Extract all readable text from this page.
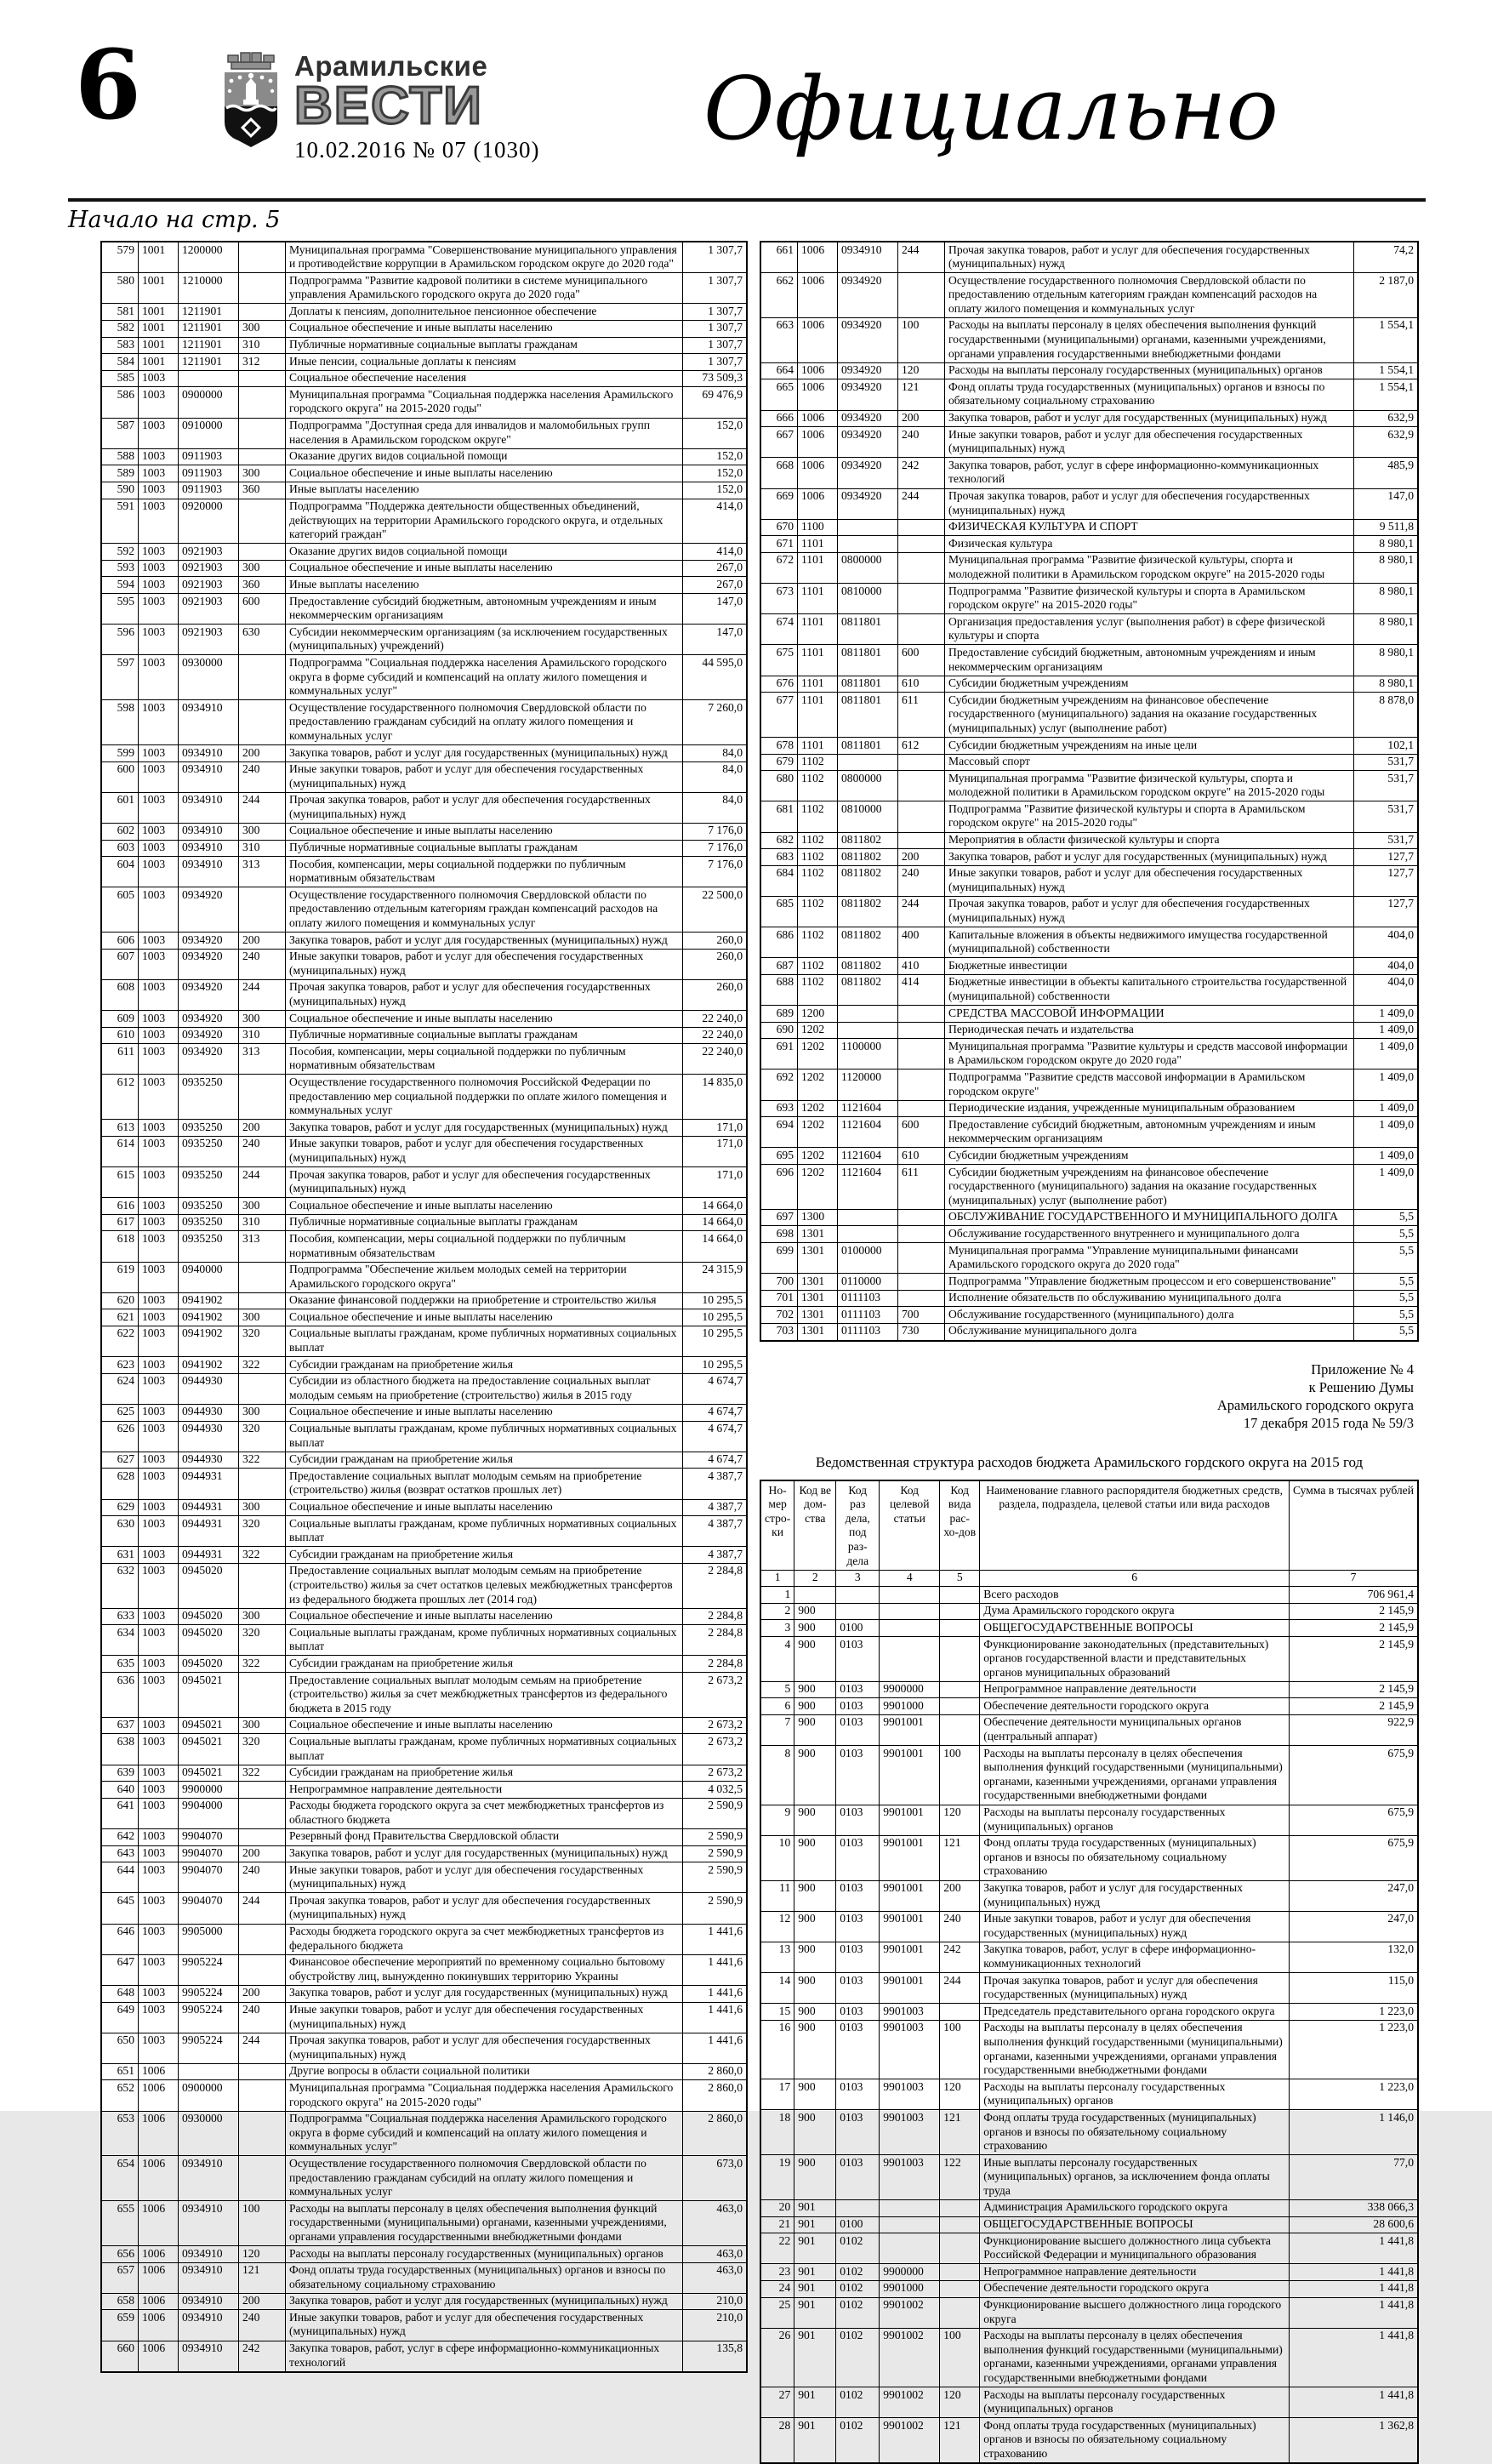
6	Арамильские
ВЕСТИ
10.02.2016 № 07 (1030)	Официально
Начало на стр. 5
579	1001	1200000		Муниципальная программа "Совершенствование муниципального управления и противодействие коррупции в Арамильском городском округе до 2020 года"	1 307,7
580	1001	1210000		Подпрограмма "Развитие кадровой политики в системе муниципального управления Арамильского городского округа до 2020 года"	1 307,7
581	1001	1211901		Доплаты к пенсиям, дополнительное пенсионное обеспечение	1 307,7
582	1001	1211901	300	Социальное обеспечение и иные выплаты населению	1 307,7
583	1001	1211901	310	Публичные нормативные социальные выплаты гражданам	1 307,7
584	1001	1211901	312	Иные пенсии, социальные доплаты к пенсиям	1 307,7
585	1003			Социальное обеспечение населения	73 509,3
586	1003	0900000		Муниципальная программа "Социальная поддержка населения Арамильского городского округа" на 2015-2020 годы"	69 476,9
587	1003	0910000		Подпрограмма "Доступная среда для инвалидов и маломобильных групп населения в Арамильском городском округе"	152,0
588	1003	0911903		Оказание других видов социальной помощи	152,0
589	1003	0911903	300	Социальное обеспечение и иные выплаты населению	152,0
590	1003	0911903	360	Иные выплаты населению	152,0
591	1003	0920000		Подпрограмма "Поддержка деятельности общественных объединений, действующих на территории Арамильского городского округа, и отдельных категорий граждан"	414,0
592	1003	0921903		Оказание других видов социальной помощи	414,0
593	1003	0921903	300	Социальное обеспечение и иные выплаты населению	267,0
594	1003	0921903	360	Иные выплаты населению	267,0
595	1003	0921903	600	Предоставление субсидий бюджетным, автономным учреждениям и иным некоммерческим организациям	147,0
596	1003	0921903	630	Субсидии некоммерческим организациям (за исключением государственных (муниципальных) учреждений)	147,0
597	1003	0930000		Подпрограмма "Социальная поддержка населения Арамильского городского округа в форме субсидий и компенсаций на оплату жилого помещения и коммунальных услуг"	44 595,0
598	1003	0934910		Осуществление государственного полномочия Свердловской области по предоставлению гражданам субсидий на оплату жилого помещения и коммунальных услуг	7 260,0
599	1003	0934910	200	Закупка товаров, работ и услуг для государственных (муниципальных) нужд	84,0
600	1003	0934910	240	Иные закупки товаров, работ и услуг для обеспечения государственных (муниципальных) нужд	84,0
601	1003	0934910	244	Прочая закупка товаров, работ и услуг для обеспечения государственных (муниципальных) нужд	84,0
602	1003	0934910	300	Социальное обеспечение и иные выплаты населению	7 176,0
603	1003	0934910	310	Публичные нормативные социальные выплаты гражданам	7 176,0
604	1003	0934910	313	Пособия, компенсации, меры социальной поддержки по публичным нормативным обязательствам	7 176,0
605	1003	0934920		Осуществление государственного полномочия Свердловской области по предоставлению отдельным категориям граждан компенсаций расходов на оплату жилого помещения и коммунальных услуг	22 500,0
606	1003	0934920	200	Закупка товаров, работ и услуг для государственных (муниципальных) нужд	260,0
607	1003	0934920	240	Иные закупки товаров, работ и услуг для обеспечения государственных (муниципальных) нужд	260,0
608	1003	0934920	244	Прочая закупка товаров, работ и услуг для обеспечения государственных (муниципальных) нужд	260,0
609	1003	0934920	300	Социальное обеспечение и иные выплаты населению	22 240,0
610	1003	0934920	310	Публичные нормативные социальные выплаты гражданам	22 240,0
611	1003	0934920	313	Пособия, компенсации, меры социальной поддержки по публичным нормативным обязательствам	22 240,0
612	1003	0935250		Осуществление государственного полномочия Российской Федерации по предоставлению мер социальной поддержки по оплате жилого помещения и коммунальных услуг	14 835,0
613	1003	0935250	200	Закупка товаров, работ и услуг для государственных (муниципальных) нужд	171,0
614	1003	0935250	240	Иные закупки товаров, работ и услуг для обеспечения государственных (муниципальных) нужд	171,0
615	1003	0935250	244	Прочая закупка товаров, работ и услуг для обеспечения государственных (муниципальных) нужд	171,0
616	1003	0935250	300	Социальное обеспечение и иные выплаты населению	14 664,0
617	1003	0935250	310	Публичные нормативные социальные выплаты гражданам	14 664,0
618	1003	0935250	313	Пособия, компенсации, меры социальной поддержки по публичным нормативным обязательствам	14 664,0
619	1003	0940000		Подпрограмма "Обеспечение жильем молодых семей на территории Арамильского городского округа"	24 315,9
620	1003	0941902		Оказание финансовой поддержки на приобретение и строительство жилья	10 295,5
621	1003	0941902	300	Социальное обеспечение и иные выплаты населению	10 295,5
622	1003	0941902	320	Социальные выплаты гражданам, кроме публичных нормативных социальных выплат	10 295,5
623	1003	0941902	322	Субсидии гражданам на приобретение жилья	10 295,5
624	1003	0944930		Субсидии из областного бюджета на предоставление социальных выплат молодым семьям на приобретение (строительство) жилья в 2015 году	4 674,7
625	1003	0944930	300	Социальное обеспечение и иные выплаты населению	4 674,7
626	1003	0944930	320	Социальные выплаты гражданам, кроме публичных нормативных социальных выплат	4 674,7
627	1003	0944930	322	Субсидии гражданам на приобретение жилья	4 674,7
628	1003	0944931		Предоставление социальных выплат молодым семьям на приобретение (строительство) жилья (возврат остатков прошлых лет)	4 387,7
629	1003	0944931	300	Социальное обеспечение и иные выплаты населению	4 387,7
630	1003	0944931	320	Социальные выплаты гражданам, кроме публичных нормативных социальных выплат	4 387,7
631	1003	0944931	322	Субсидии гражданам на приобретение жилья	4 387,7
632	1003	0945020		Предоставление социальных выплат молодым семьям на приобретение (строительство) жилья за счет остатков целевых межбюджетных трансфертов из федерального бюджета прошлых лет (2014 год)	2 284,8
633	1003	0945020	300	Социальное обеспечение и иные выплаты населению	2 284,8
634	1003	0945020	320	Социальные выплаты гражданам, кроме публичных нормативных социальных выплат	2 284,8
635	1003	0945020	322	Субсидии гражданам на приобретение жилья	2 284,8
636	1003	0945021		Предоставление социальных выплат молодым семьям на приобретение (строительство) жилья за счет межбюджетных трансфертов из федерального бюджета в 2015 году	2 673,2
637	1003	0945021	300	Социальное обеспечение и иные выплаты населению	2 673,2
638	1003	0945021	320	Социальные выплаты гражданам, кроме публичных нормативных социальных выплат	2 673,2
639	1003	0945021	322	Субсидии гражданам на приобретение жилья	2 673,2
640	1003	9900000		Непрограммное направление деятельности	4 032,5
641	1003	9904000		Расходы бюджета городского округа за счет межбюджетных трансфертов из областного бюджета	2 590,9
642	1003	9904070		Резервный фонд Правительства Свердловской области	2 590,9
643	1003	9904070	200	Закупка товаров, работ и услуг для государственных (муниципальных) нужд	2 590,9
644	1003	9904070	240	Иные закупки товаров, работ и услуг для обеспечения государственных (муниципальных) нужд	2 590,9
645	1003	9904070	244	Прочая закупка товаров, работ и услуг для обеспечения государственных (муниципальных) нужд	2 590,9
646	1003	9905000		Расходы бюджета городского округа за счет межбюджетных трансфертов из федерального бюджета	1 441,6
647	1003	9905224		Финансовое обеспечение мероприятий по временному социально бытовому обустройству лиц, вынужденно покинувших территорию Украины	1 441,6
648	1003	9905224	200	Закупка товаров, работ и услуг для государственных (муниципальных) нужд	1 441,6
649	1003	9905224	240	Иные закупки товаров, работ и услуг для обеспечения государственных (муниципальных) нужд	1 441,6
650	1003	9905224	244	Прочая закупка товаров, работ и услуг для обеспечения государственных (муниципальных) нужд	1 441,6
651	1006			Другие вопросы в области социальной политики	2 860,0
652	1006	0900000		Муниципальная программа "Социальная поддержка населения Арамильского городского округа" на 2015-2020 годы"	2 860,0
653	1006	0930000		Подпрограмма "Социальная поддержка населения Арамильского городского округа в форме субсидий и компенсаций на оплату жилого помещения и коммунальных услуг"	2 860,0
654	1006	0934910		Осуществление государственного полномочия Свердловской области по предоставлению гражданам субсидий на оплату жилого помещения и коммунальных услуг	673,0
655	1006	0934910	100	Расходы на выплаты персоналу в целях обеспечения выполнения функций государственными (муниципальными) органами, казенными учреждениями, органами управления государственными внебюджетными фондами	463,0
656	1006	0934910	120	Расходы на выплаты персоналу государственных (муниципальных) органов	463,0
657	1006	0934910	121	Фонд оплаты труда государственных (муниципальных) органов и взносы по обязательному социальному страхованию	463,0
658	1006	0934910	200	Закупка товаров, работ и услуг для государственных (муниципальных) нужд	210,0
659	1006	0934910	240	Иные закупки товаров, работ и услуг для обеспечения государственных (муниципальных) нужд	210,0
660	1006	0934910	242	Закупка товаров, работ, услуг в сфере информационно-коммуникационных технологий	135,8
661	1006	0934910	244	Прочая закупка товаров, работ и услуг для обеспечения государственных (муниципальных) нужд	74,2
662	1006	0934920		Осуществление государственного полномочия Свердловской области по предоставлению отдельным категориям граждан компенсаций расходов на оплату жилого помещения и коммунальных услуг	2 187,0
663	1006	0934920	100	Расходы на выплаты персоналу в целях обеспечения выполнения функций государственными (муниципальными) органами, казенными учреждениями, органами управления государственными внебюджетными фондами	1 554,1
664	1006	0934920	120	Расходы на выплаты персоналу государственных (муниципальных) органов	1 554,1
665	1006	0934920	121	Фонд оплаты труда государственных (муниципальных) органов и взносы по обязательному социальному страхованию	1 554,1
666	1006	0934920	200	Закупка товаров, работ и услуг для государственных (муниципальных) нужд	632,9
667	1006	0934920	240	Иные закупки товаров, работ и услуг для обеспечения государственных (муниципальных) нужд	632,9
668	1006	0934920	242	Закупка товаров, работ, услуг в сфере информационно-коммуникационных технологий	485,9
669	1006	0934920	244	Прочая закупка товаров, работ и услуг для обеспечения государственных (муниципальных) нужд	147,0
670	1100			ФИЗИЧЕСКАЯ КУЛЬТУРА И СПОРТ	9 511,8
671	1101			Физическая культура	8 980,1
672	1101	0800000		Муниципальная программа "Развитие физической культуры, спорта и молодежной политики в Арамильском городском округе" на 2015-2020 годы	8 980,1
673	1101	0810000		Подпрограмма "Развитие физической культуры и спорта в Арамильском городском округе" на 2015-2020 годы"	8 980,1
674	1101	0811801		Организация предоставления услуг (выполнения работ) в сфере физической культуры и спорта	8 980,1
675	1101	0811801	600	Предоставление субсидий бюджетным, автономным учреждениям и иным некоммерческим организациям	8 980,1
676	1101	0811801	610	Субсидии бюджетным учреждениям	8 980,1
677	1101	0811801	611	Субсидии бюджетным учреждениям на финансовое обеспечение государственного (муниципального) задания на оказание государственных (муниципальных) услуг (выполнение работ)	8 878,0
678	1101	0811801	612	Субсидии бюджетным учреждениям на иные цели	102,1
679	1102			Массовый спорт	531,7
680	1102	0800000		Муниципальная программа "Развитие физической культуры, спорта и молодежной политики в Арамильском городском округе" на 2015-2020 годы	531,7
681	1102	0810000		Подпрограмма "Развитие физической культуры и спорта в Арамильском городском округе" на 2015-2020 годы"	531,7
682	1102	0811802		Мероприятия в области физической культуры и спорта	531,7
683	1102	0811802	200	Закупка товаров, работ и услуг для государственных (муниципальных) нужд	127,7
684	1102	0811802	240	Иные закупки товаров, работ и услуг для обеспечения государственных (муниципальных) нужд	127,7
685	1102	0811802	244	Прочая закупка товаров, работ и услуг для обеспечения государственных (муниципальных) нужд	127,7
686	1102	0811802	400	Капитальные вложения в объекты недвижимого имущества государственной (муниципальной) собственности	404,0
687	1102	0811802	410	Бюджетные инвестиции	404,0
688	1102	0811802	414	Бюджетные инвестиции в объекты капитального строительства государственной (муниципальной) собственности	404,0
689	1200			СРЕДСТВА МАССОВОЙ ИНФОРМАЦИИ	1 409,0
690	1202			Периодическая печать и издательства	1 409,0
691	1202	1100000		Муниципальная программа "Развитие культуры и средств массовой информации в Арамильском городском округе до 2020 года"	1 409,0
692	1202	1120000		Подпрограмма "Развитие средств массовой информации в Арамильском городском округе"	1 409,0
693	1202	1121604		Периодические издания, учрежденные муниципальным образованием	1 409,0
694	1202	1121604	600	Предоставление субсидий бюджетным, автономным учреждениям и иным некоммерческим организациям	1 409,0
695	1202	1121604	610	Субсидии бюджетным учреждениям	1 409,0
696	1202	1121604	611	Субсидии бюджетным учреждениям на финансовое обеспечение государственного (муниципального) задания на оказание государственных (муниципальных) услуг (выполнение работ)	1 409,0
697	1300			ОБСЛУЖИВАНИЕ ГОСУДАРСТВЕННОГО И МУНИЦИПАЛЬНОГО ДОЛГА	5,5
698	1301			Обслуживание государственного внутреннего и муниципального долга	5,5
699	1301	0100000		Муниципальная программа "Управление муниципальными финансами Арамильского городского округа до 2020 года"	5,5
700	1301	0110000		Подпрограмма "Управление бюджетным процессом и его совершенствование"	5,5
701	1301	0111103		Исполнение обязательств по обслуживанию муниципального долга	5,5
702	1301	0111103	700	Обслуживание государственного (муниципального) долга	5,5
703	1301	0111103	730	Обслуживание муниципального долга	5,5
Приложение № 4
к Решению Думы
Арамильского городского округа
17 декабря 2015 года № 59/3
Ведомственная структура расходов бюджета Арамильского гордского округа на 2015 год
Но-мер стро-ки	Код ве дом-ства	Код раз дела, под раз-дела	Код целевой статьи	Код вида рас-хо-дов	Наименование главного распорядителя бюджетных средств, раздела, подраздела, целевой статьи или вида расходов	Сумма в тысячах рублей
1	2	3	4	5	6	7
1					Всего расходов	706 961,4
2	900				Дума Арамильского городского округа	2 145,9
3	900	0100			ОБЩЕГОСУДАРСТВЕННЫЕ ВОПРОСЫ	2 145,9
4	900	0103			Функционирование законодательных (представительных) органов государственной власти и представительных органов муниципальных образований	2 145,9
5	900	0103	9900000		Непрограммное направление деятельности	2 145,9
6	900	0103	9901000		Обеспечение деятельности городского округа	2 145,9
7	900	0103	9901001		Обеспечение деятельности муниципальных органов (центральный аппарат)	922,9
8	900	0103	9901001	100	Расходы на выплаты персоналу в целях обеспечения выполнения функций государственными (муниципальными) органами, казенными учреждениями, органами управления государственными внебюджетными фондами	675,9
9	900	0103	9901001	120	Расходы на выплаты персоналу государственных (муниципальных) органов	675,9
10	900	0103	9901001	121	Фонд оплаты труда государственных (муниципальных) органов и взносы по обязательному социальному страхованию	675,9
11	900	0103	9901001	200	Закупка товаров, работ и услуг для государственных (муниципальных) нужд	247,0
12	900	0103	9901001	240	Иные закупки товаров, работ и услуг для обеспечения государственных (муниципальных) нужд	247,0
13	900	0103	9901001	242	Закупка товаров, работ, услуг в сфере информационно-коммуникационных технологий	132,0
14	900	0103	9901001	244	Прочая закупка товаров, работ и услуг для обеспечения государственных (муниципальных) нужд	115,0
15	900	0103	9901003		Председатель представительного органа городского округа	1 223,0
16	900	0103	9901003	100	Расходы на выплаты персоналу в целях обеспечения выполнения функций государственными (муниципальными) органами, казенными учреждениями, органами управления государственными внебюджетными фондами	1 223,0
17	900	0103	9901003	120	Расходы на выплаты персоналу государственных (муниципальных) органов	1 223,0
18	900	0103	9901003	121	Фонд оплаты труда государственных (муниципальных) органов и взносы по обязательному социальному страхованию	1 146,0
19	900	0103	9901003	122	Иные выплаты персоналу государственных (муниципальных) органов, за исключением фонда оплаты труда	77,0
20	901				Администрация Арамильского городского округа	338 066,3
21	901	0100			ОБЩЕГОСУДАРСТВЕННЫЕ ВОПРОСЫ	28 600,6
22	901	0102			Функционирование высшего должностного лица субъекта Российской Федерации и муниципального образования	1 441,8
23	901	0102	9900000		Непрограммное направление деятельности	1 441,8
24	901	0102	9901000		Обеспечение деятельности городского округа	1 441,8
25	901	0102	9901002		Функционирование высшего должностного лица городского округа	1 441,8
26	901	0102	9901002	100	Расходы на выплаты персоналу в целях обеспечения выполнения функций государственными (муниципальными) органами, казенными учреждениями, органами управления государственными внебюджетными фондами	1 441,8
27	901	0102	9901002	120	Расходы на выплаты персоналу государственных (муниципальных) органов	1 441,8
28	901	0102	9901002	121	Фонд оплаты труда государственных (муниципальных) органов и взносы по обязательному социальному страхованию	1 362,8
